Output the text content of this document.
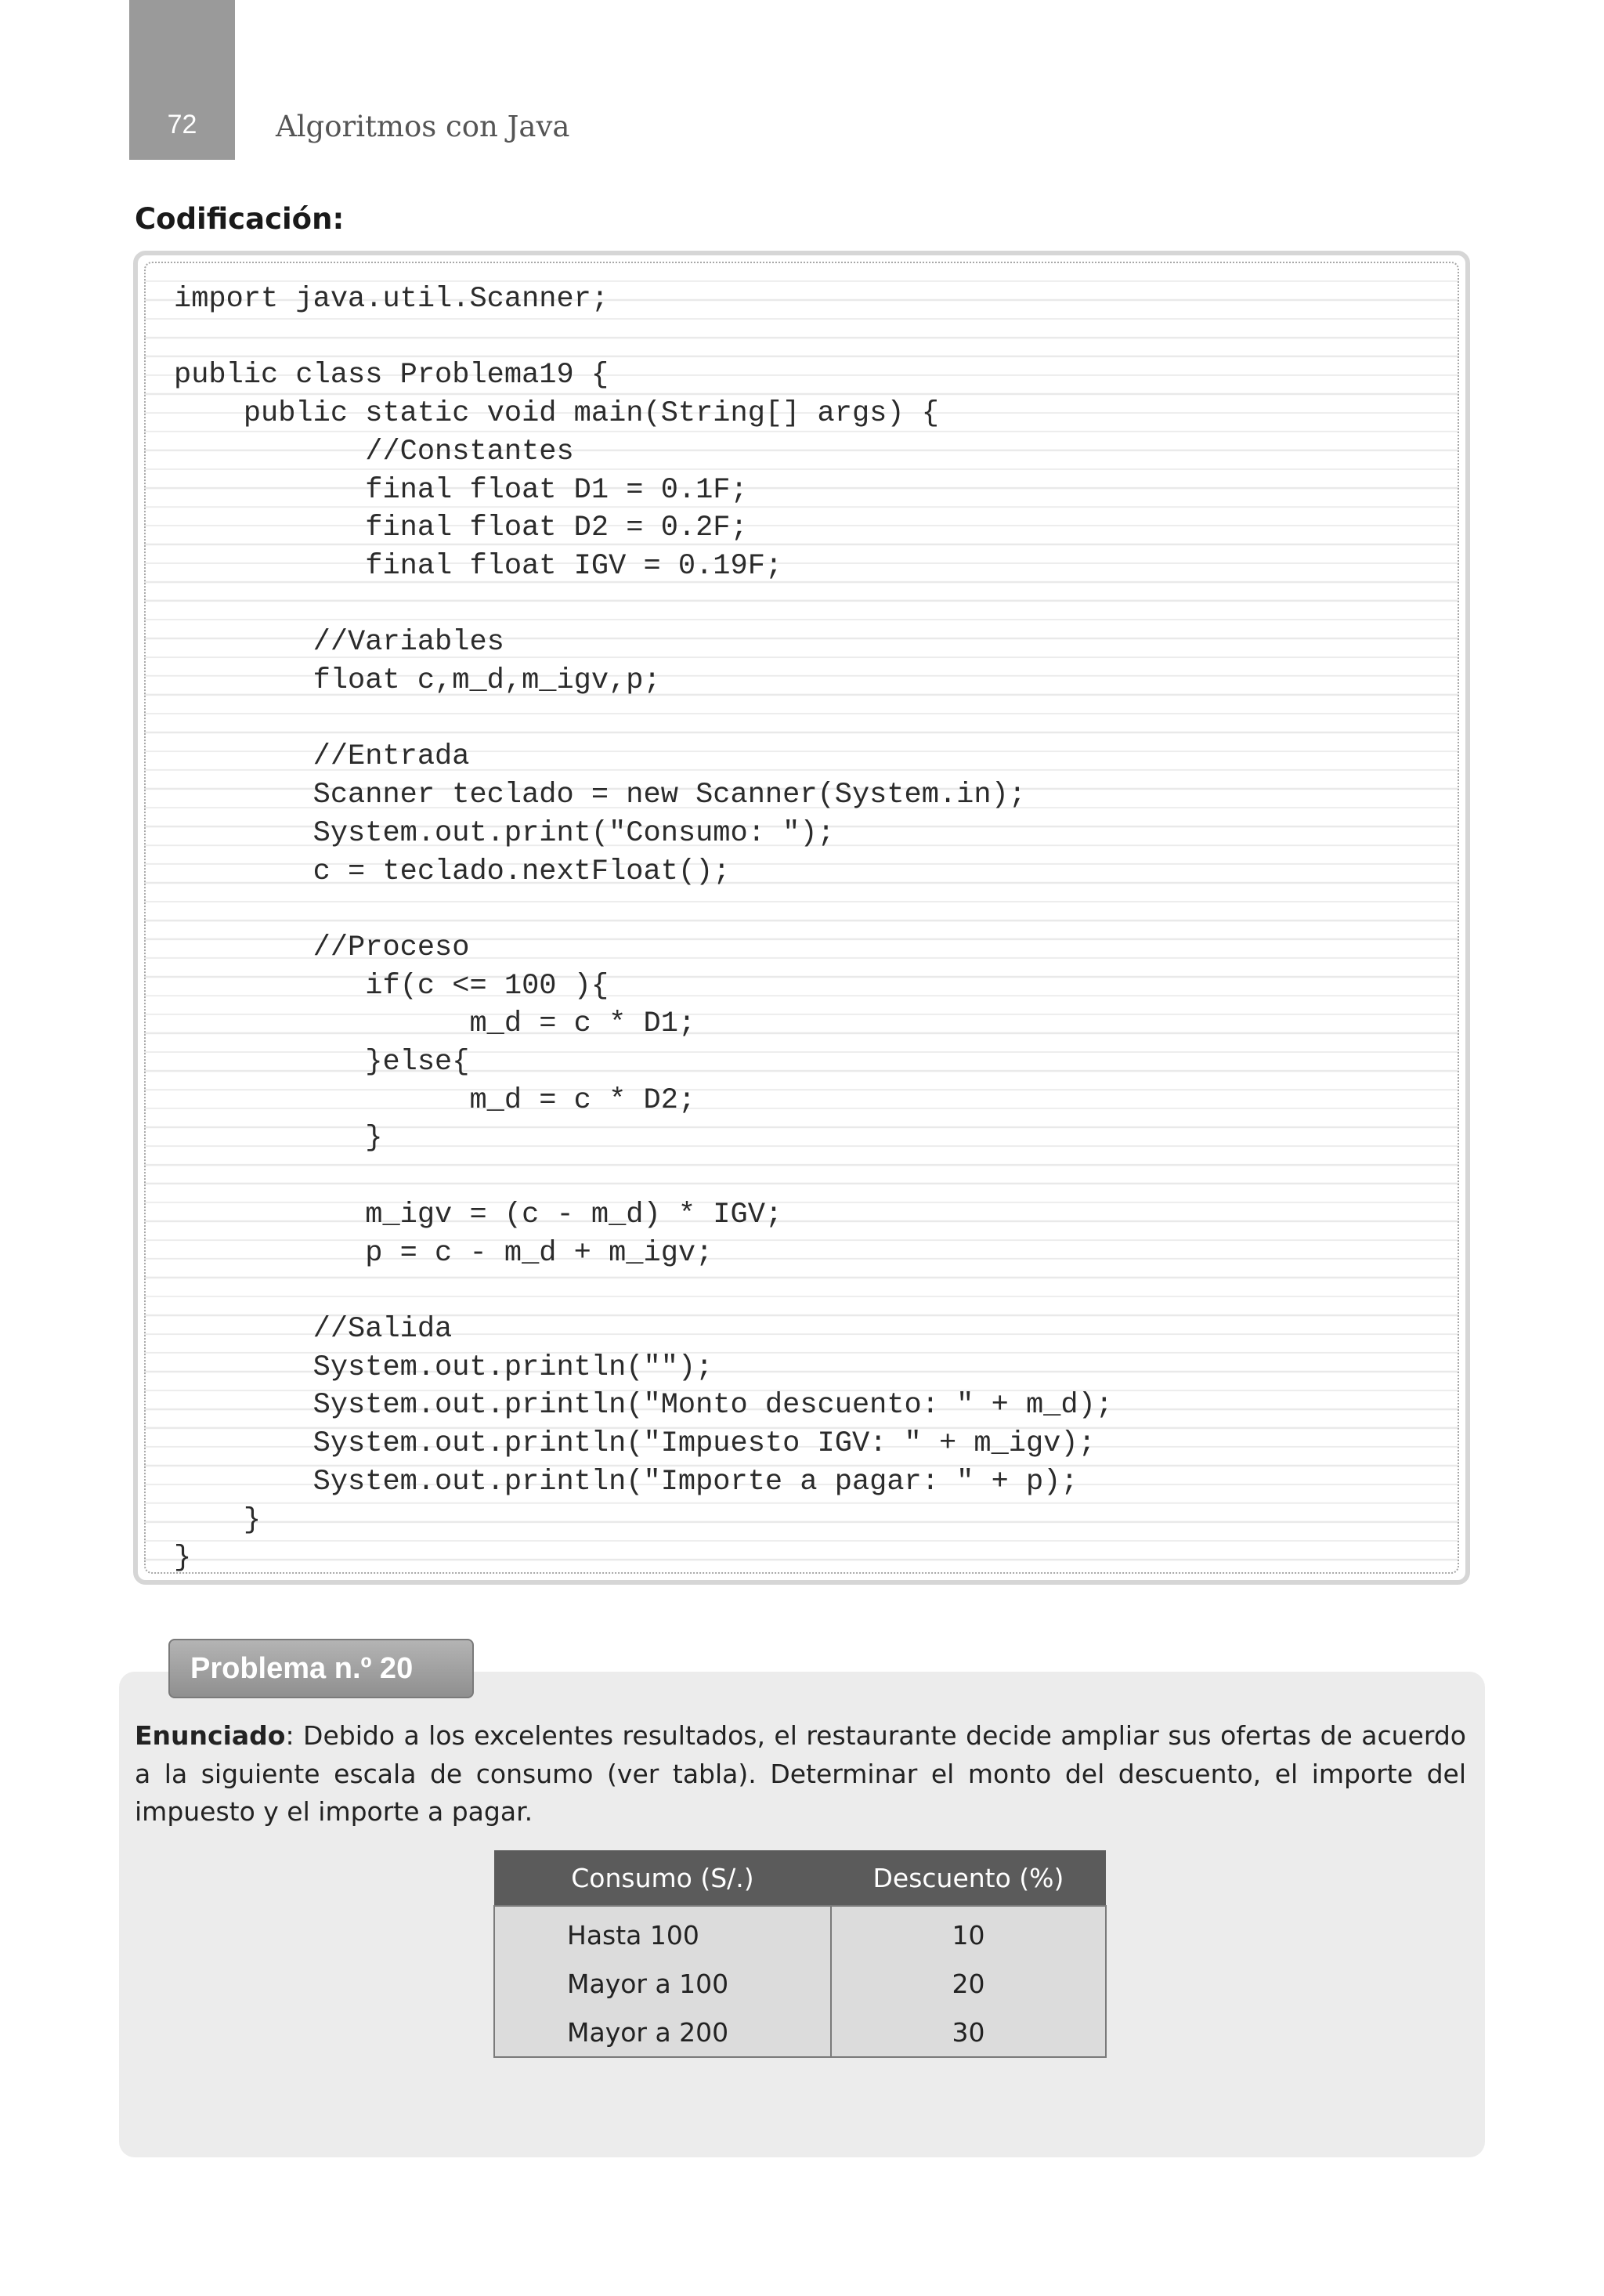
72	Algoritmos con Java
Codificación:
import java.util.Scanner;

public class Problema19 {
public static void main(String[] args) {
//Constantes
final float D1 = 0.1F;
final float D2 = 0.2F;
final float IGV = 0.19F;

//Variables
float c,m_d,m_igv,p;

//Entrada
Scanner teclado = new Scanner(System.in);
System.out.print("Consumo: ");
c = teclado.nextFloat();

//Proceso
if(c <= 100 ){
m_d = c * D1;
}else{
m_d = c * D2;
}

m_igv = (c - m_d) * IGV;
p = c - m_d + m_igv;

//Salida
System.out.println("");
System.out.println("Monto descuento: " + m_d);
System.out.println("Impuesto IGV: " + m_igv);
System.out.println("Importe a pagar: " + p);
}
}
Problema n.º 20

Enunciado: Debido a los excelentes resultados, el restaurante decide ampliar sus ofertas de acuerdo a la siguiente escala de consumo (ver tabla). Determinar el monto del descuento, el importe del impuesto y el importe a pagar.

Consumo (S/.)	Descuento (%)
Hasta 100	10
Mayor a 100	20
Mayor a 200	30
